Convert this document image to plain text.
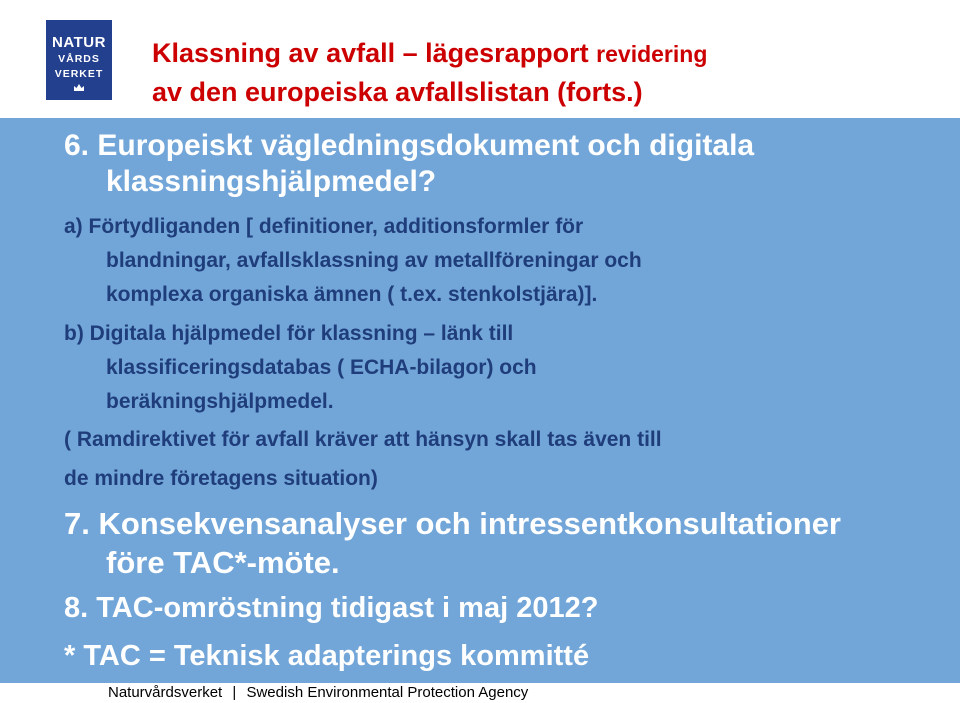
NATUR
VÅRDS
VERKET
Klassning av avfall – lägesrapport revidering
av den europeiska avfallslistan (forts.)

6. Europeiskt vägledningsdokument och digitala

klassningshjälpmedel?

a) Förtydliganden [ definitioner, additionsformler för

blandningar, avfallsklassning av metallföreningar och

komplexa organiska ämnen ( t.ex. stenkolstjära)].

b) Digitala hjälpmedel för klassning – länk till

klassificeringsdatabas ( ECHA-bilagor) och

beräkningshjälpmedel.

( Ramdirektivet för avfall kräver att hänsyn skall tas även till

de mindre företagens situation)

7. Konsekvensanalyser och intressentkonsultationer

före TAC*-möte.

8. TAC-omröstning tidigast i maj 2012?

* TAC = Teknisk adapterings kommitté

Naturvårdsverket | Swedish Environmental Protection Agency
